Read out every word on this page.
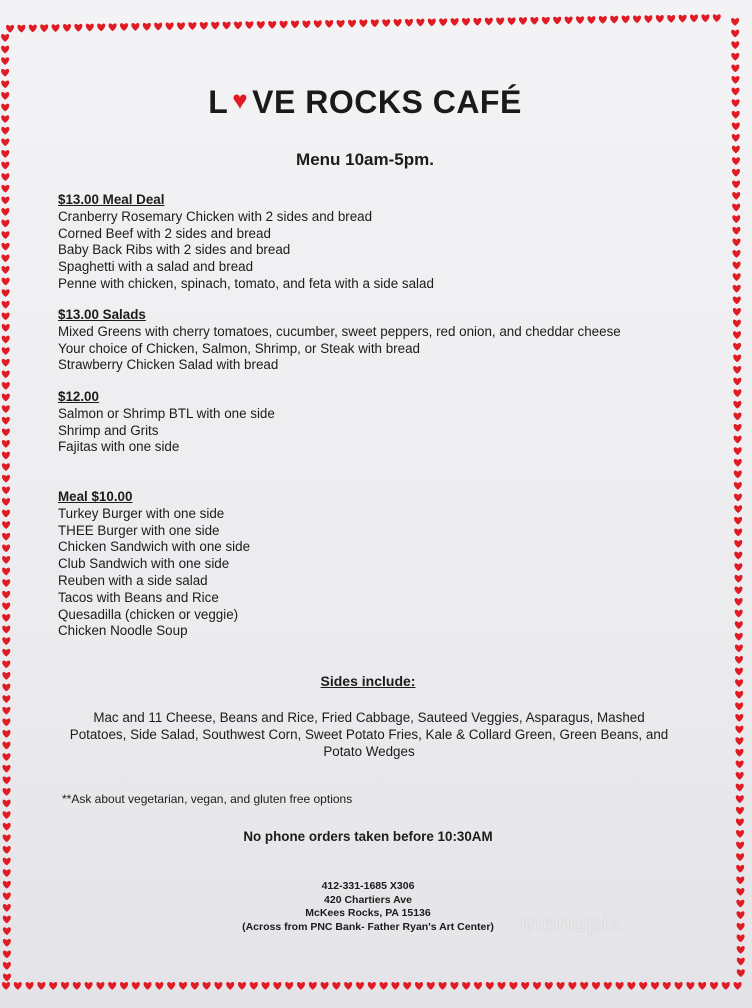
L ♥ VE ROCKS CAFÉ
Menu 10am-5pm.
$13.00 Meal Deal
Cranberry Rosemary Chicken with 2 sides and bread
Corned Beef with 2 sides and bread
Baby Back Ribs with 2 sides and bread
Spaghetti with a salad and bread
Penne with chicken, spinach, tomato, and feta with a side salad
$13.00 Salads
Mixed Greens with cherry tomatoes, cucumber, sweet peppers, red onion, and cheddar cheese
Your choice of Chicken, Salmon, Shrimp, or Steak with bread
Strawberry Chicken Salad with bread
$12.00
Salmon or Shrimp BTL with one side
Shrimp and Grits
Fajitas with one side
Meal $10.00
Turkey Burger with one side
THEE Burger with one side
Chicken Sandwich with one side
Club Sandwich with one side
Reuben with a side salad
Tacos with Beans and Rice
Quesadilla (chicken or veggie)
Chicken Noodle Soup
Sides include:
Mac and 11 Cheese, Beans and Rice, Fried Cabbage, Sauteed Veggies, Asparagus, Mashed Potatoes, Side Salad, Southwest Corn, Sweet Potato Fries, Kale & Collard Green, Green Beans, and Potato Wedges
**Ask about vegetarian, vegan, and gluten free options
No phone orders taken before 10:30AM
412-331-1685 X306
420 Chartiers Ave
McKees Rocks, PA 15136
(Across from PNC Bank- Father Ryan's Art Center)	menupix
